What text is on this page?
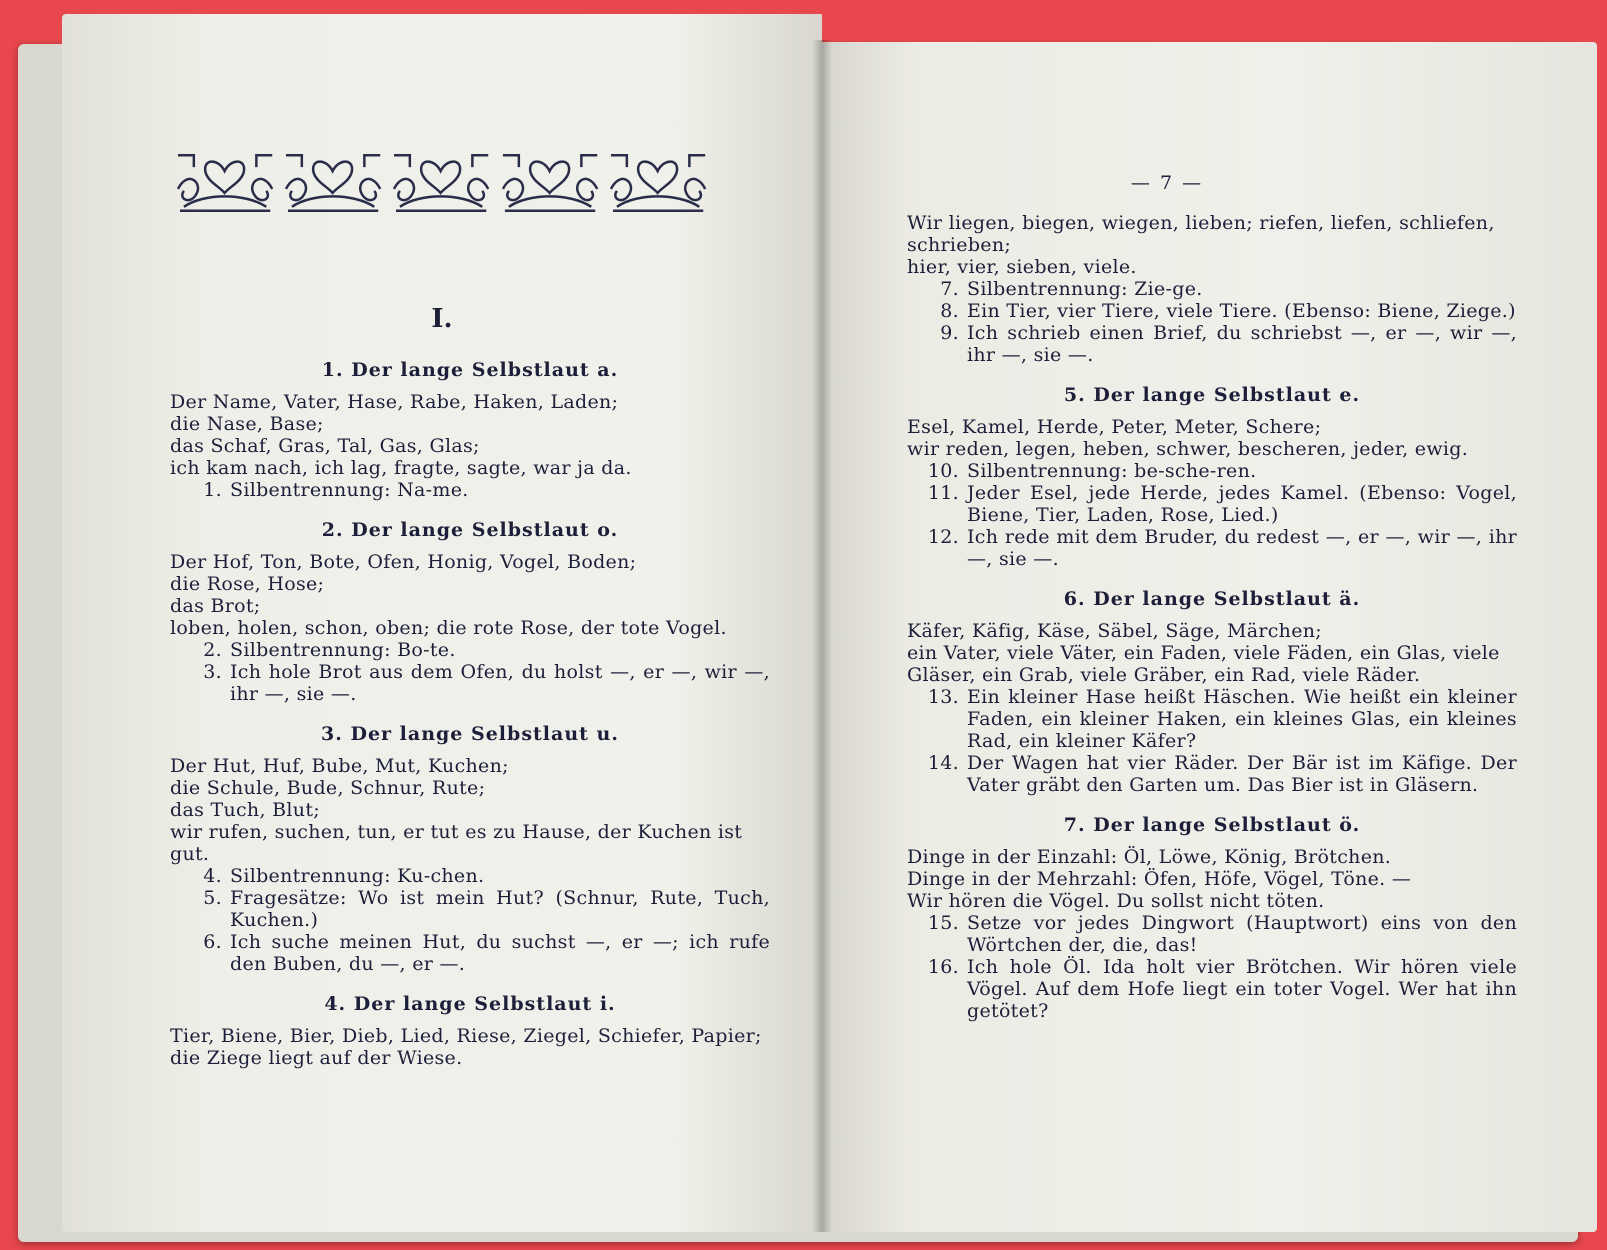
I.

1. Der lange Selbstlaut a.

Der Name, Vater, Hase, Rabe, Haken, Laden;

die Nase, Base;

das Schaf, Gras, Tal, Gas, Glas;

ich kam nach, ich lag, fragte, sagte, war ja da.

1. Silbentrennung: Na-me.

2. Der lange Selbstlaut o.

Der Hof, Ton, Bote, Ofen, Honig, Vogel, Boden;

die Rose, Hose;

das Brot;

loben, holen, schon, oben; die rote Rose, der tote Vogel.

2. Silbentrennung: Bo-te.
3. Ich hole Brot aus dem Ofen, du holst —, er —, wir —, ihr —, sie —.

3. Der lange Selbstlaut u.

Der Hut, Huf, Bube, Mut, Kuchen;

die Schule, Bude, Schnur, Rute;

das Tuch, Blut;

wir rufen, suchen, tun, er tut es zu Hause, der Kuchen ist gut.

4. Silbentrennung: Ku-chen.
5. Fragesätze: Wo ist mein Hut? (Schnur, Rute, Tuch, Kuchen.)
6. Ich suche meinen Hut, du suchst —, er —; ich rufe den Buben, du —, er —.

4. Der lange Selbstlaut i.

Tier, Biene, Bier, Dieb, Lied, Riese, Ziegel, Schiefer, Papier; die Ziege liegt auf der Wiese.

— 7 —

Wir liegen, biegen, wiegen, lieben; riefen, liefen, schliefen, schrieben;

hier, vier, sieben, viele.

7. Silbentrennung: Zie-ge.
8. Ein Tier, vier Tiere, viele Tiere. (Ebenso: Biene, Ziege.)
9. Ich schrieb einen Brief, du schriebst —, er —, wir —, ihr —, sie —.

5. Der lange Selbstlaut e.

Esel, Kamel, Herde, Peter, Meter, Schere;

wir reden, legen, heben, schwer, bescheren, jeder, ewig.

10. Silbentrennung: be-sche-ren.
11. Jeder Esel, jede Herde, jedes Kamel. (Ebenso: Vogel, Biene, Tier, Laden, Rose, Lied.)
12. Ich rede mit dem Bruder, du redest —, er —, wir —, ihr —, sie —.

6. Der lange Selbstlaut ä.

Käfer, Käfig, Käse, Säbel, Säge, Märchen;

ein Vater, viele Väter, ein Faden, viele Fäden, ein Glas, viele Gläser, ein Grab, viele Gräber, ein Rad, viele Räder.

13. Ein kleiner Hase heißt Häschen. Wie heißt ein kleiner Faden, ein kleiner Haken, ein kleines Glas, ein kleines Rad, ein kleiner Käfer?
14. Der Wagen hat vier Räder. Der Bär ist im Käfige. Der Vater gräbt den Garten um. Das Bier ist in Gläsern.

7. Der lange Selbstlaut ö.

Dinge in der Einzahl: Öl, Löwe, König, Brötchen.

Dinge in der Mehrzahl: Öfen, Höfe, Vögel, Töne. —

Wir hören die Vögel. Du sollst nicht töten.

15. Setze vor jedes Dingwort (Hauptwort) eins von den Wörtchen der, die, das!
16. Ich hole Öl. Ida holt vier Brötchen. Wir hören viele Vögel. Auf dem Hofe liegt ein toter Vogel. Wer hat ihn getötet?
